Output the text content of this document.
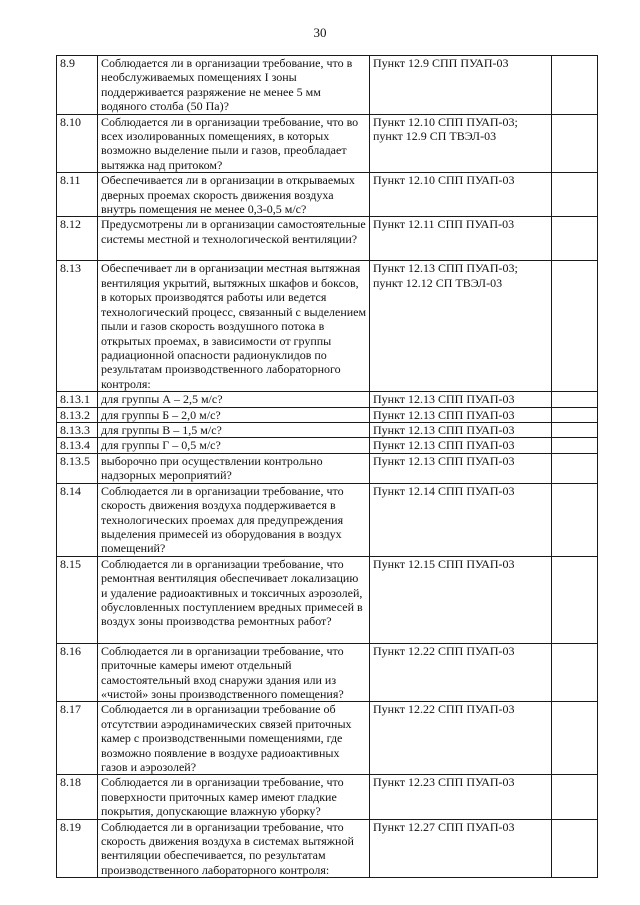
30
8.9	Соблюдается ли в организации требование, что в необслуживаемых помещениях I зоны поддерживается разряжение не менее 5 мм водяного столба (50 Па)?	Пункт 12.9 СПП ПУАП-03	
8.10	Соблюдается ли в организации требование, что во всех изолированных помещениях, в которых возможно выделение пыли и газов, преобладает вытяжка над притоком?	Пункт 12.10 СПП ПУАП-03; пункт 12.9 СП ТВЭЛ-03	
8.11	Обеспечивается ли в организации в открываемых дверных проемах скорость движения воздуха внутрь помещения не менее 0,3-0,5 м/с?	Пункт 12.10 СПП ПУАП-03	
8.12	Предусмотрены ли в организации самостоятельные системы местной и технологической вентиляции?	Пункт 12.11 СПП ПУАП-03	
8.13	Обеспечивает ли в организации местная вытяжная вентиляция укрытий, вытяжных шкафов и боксов, в которых производятся работы или ведется технологический процесс, связанный с выделением пыли и газов скорость воздушного потока в открытых проемах, в зависимости от группы радиационной опасности радионуклидов по результатам производственного лабораторного контроля:	Пункт 12.13 СПП ПУАП-03; пункт 12.12 СП ТВЭЛ-03	
8.13.1	для группы А – 2,5 м/с?	Пункт 12.13 СПП ПУАП-03	
8.13.2	для группы Б – 2,0 м/с?	Пункт 12.13 СПП ПУАП-03	
8.13.3	для группы В – 1,5 м/с?	Пункт 12.13 СПП ПУАП-03	
8.13.4	для группы Г – 0,5 м/с?	Пункт 12.13 СПП ПУАП-03	
8.13.5	выборочно при осуществлении контрольно надзорных мероприятий?	Пункт 12.13 СПП ПУАП-03	
8.14	Соблюдается ли в организации требование, что скорость движения воздуха поддерживается в технологических проемах для предупреждения выделения примесей из оборудования в воздух помещений?	Пункт 12.14 СПП ПУАП-03	
8.15	Соблюдается ли в организации требование, что ремонтная вентиляция обеспечивает локализацию и удаление радиоактивных и токсичных аэрозолей, обусловленных поступлением вредных примесей в воздух зоны производства ремонтных работ?	Пункт 12.15 СПП ПУАП-03	
8.16	Соблюдается ли в организации требование, что приточные камеры имеют отдельный самостоятельный вход снаружи здания или из «чистой» зоны производственного помещения?	Пункт 12.22 СПП ПУАП-03	
8.17	Соблюдается ли в организации требование об отсутствии аэродинамических связей приточных камер с производственными помещениями, где возможно появление в воздухе радиоактивных газов и аэрозолей?	Пункт 12.22 СПП ПУАП-03	
8.18	Соблюдается ли в организации требование, что поверхности приточных камер имеют гладкие покрытия, допускающие влажную уборку?	Пункт 12.23 СПП ПУАП-03	
8.19	Соблюдается ли в организации требование, что скорость движения воздуха в системах вытяжной вентиляции обеспечивается, по результатам производственного лабораторного контроля:	Пункт 12.27 СПП ПУАП-03	
